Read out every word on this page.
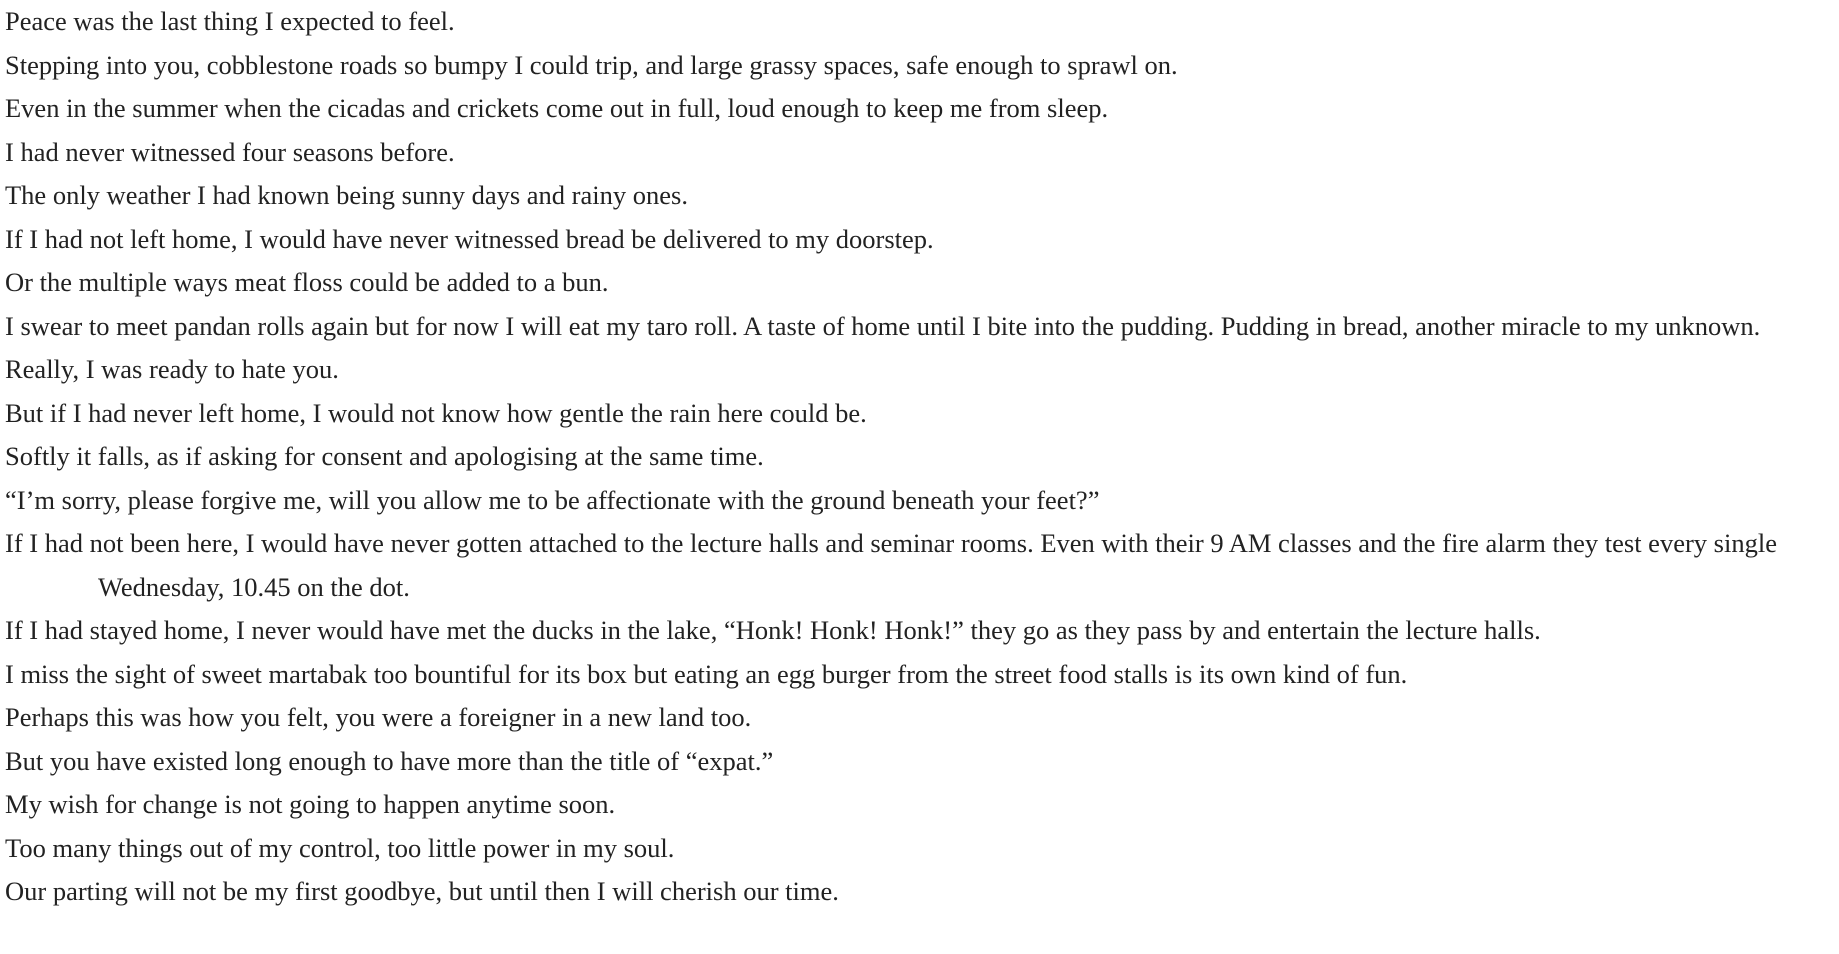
Peace was the last thing I expected to feel.

Stepping into you, cobblestone roads so bumpy I could trip, and large grassy spaces, safe enough to sprawl on.

Even in the summer when the cicadas and crickets come out in full, loud enough to keep me from sleep.

I had never witnessed four seasons before.

The only weather I had known being sunny days and rainy ones.

If I had not left home, I would have never witnessed bread be delivered to my doorstep.

Or the multiple ways meat floss could be added to a bun.

I swear to meet pandan rolls again but for now I will eat my taro roll. A taste of home until I bite into the pudding. Pudding in bread, another miracle to my unknown.

Really, I was ready to hate you.

But if I had never left home, I would not know how gentle the rain here could be.

Softly it falls, as if asking for consent and apologising at the same time.

“I’m sorry, please forgive me, will you allow me to be affectionate with the ground beneath your feet?”

If I had not been here, I would have never gotten attached to the lecture halls and seminar rooms. Even with their 9 AM classes and the fire alarm they test every single Wednesday, 10.45 on the dot.

If I had stayed home, I never would have met the ducks in the lake, “Honk! Honk! Honk!” they go as they pass by and entertain the lecture halls.

I miss the sight of sweet martabak too bountiful for its box but eating an egg burger from the street food stalls is its own kind of fun.

Perhaps this was how you felt, you were a foreigner in a new land too.

But you have existed long enough to have more than the title of “expat.”

My wish for change is not going to happen anytime soon.

Too many things out of my control, too little power in my soul.

Our parting will not be my first goodbye, but until then I will cherish our time.
